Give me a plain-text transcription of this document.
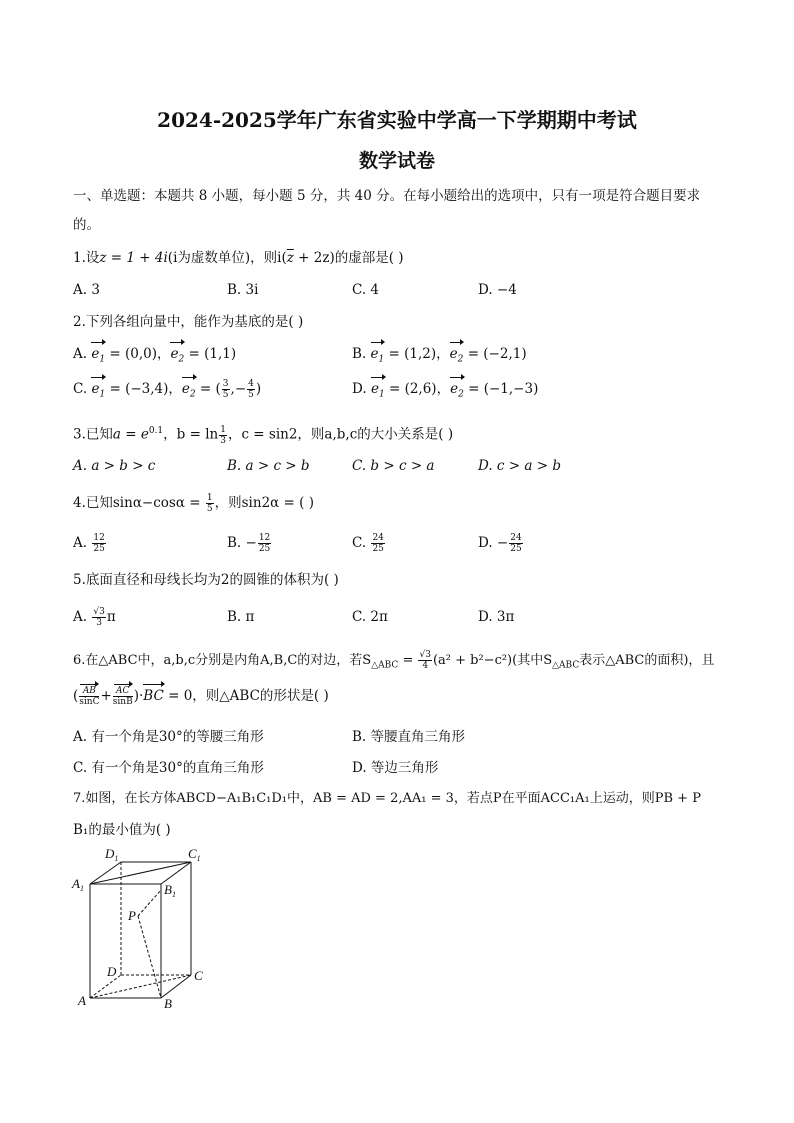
2024-2025学年广东省实验中学高一下学期期中考试
数学试卷
一、单选题：本题共 8 小题，每小题 5 分，共 40 分。在每小题给出的选项中，只有一项是符合题目要求
的。
1.设z = 1 + 4i(i为虚数单位)，则$i(\overline{z} + 2z)$的虚部是( )
A. 3	B. 3i	C. 4	D. −4
2.下列各组向量中，能作为基底的是( )
A. $e_1 = (0,0)$，$e_2 = (1,1)$	B. $e_1 = (1,2)$，$e_2 = (-2,1)$
C. $e_1 = (-3,4)$，$e_2$ = ( $\frac{3}{5}$ ,− $\frac{4}{5}$ )	D. $e_1 = (2,6)$，$e_2 = (-1,-3)$
3.已知$a = e^{0.1}$，$b = \ln \frac{1}{3}$ ，c = sin2，则a,b,c的大小关系是( )
A. a > b > c	B. a > c > b	C. b > c > a	D. c > a > b
4.已知$\sin\alpha-\cos\alpha = \frac{1}{5}$ ，则sin2α = ( )
A. $\frac{12}{25}$	B. − $\frac{12}{25}$	C. $\frac{24}{25}$	D. − $\frac{24}{25}$
5.底面直径和母线长均为2的圆锥的体积为( )
A. $\frac{√3}{3}$ π	B. π	C. 2π	D. 3π
6.在△ABC中，a,b,c分别是内角A,B,C的对边，若$S_{\triangle ABC} = \frac{√3}{4} (a^2 + b^2-c^2)$(其中$S_{\triangle ABC}$表示△ABC的面积)，且
( $\frac{AB}{\sin C} + \frac{AC}{\sin B} )\cdot BC = 0$，则△ABC的形状是( )
A. 有一个角是30°的等腰三角形	B. 等腰直角三角形
C. 有一个角是30°的直角三角形	D. 等边三角形
7.如图，在长方体ABCD−A₁B₁C₁D₁中，AB = AD = 2,AA₁ = 3，若点P在平面ACC₁A₁上运动，则PB + P
B₁的最小值为( )
$D_1$	$C_1$
$A_1$	$B_1$
P
D	C
A	B
